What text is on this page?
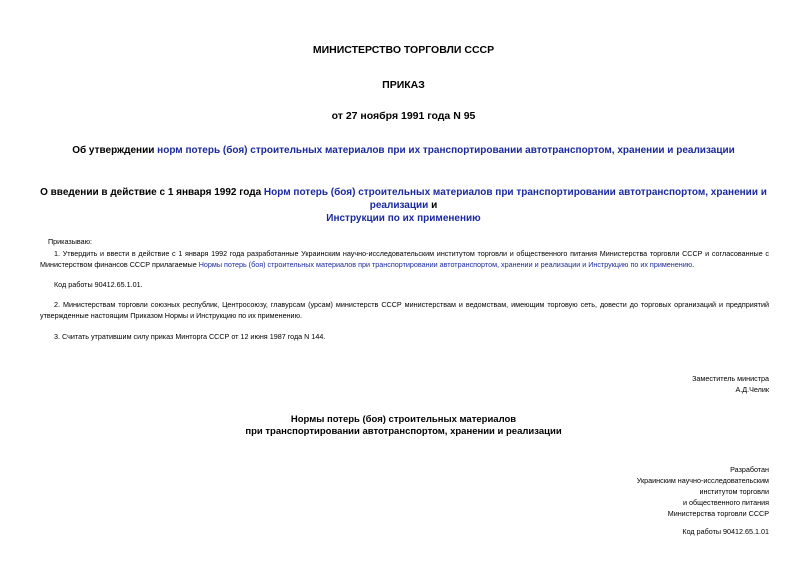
МИНИСТЕРСТВО ТОРГОВЛИ СССР
ПРИКАЗ
от 27 ноября 1991 года N 95
Об утверждении норм потерь (боя) строительных материалов при их транспортировании автотранспортом, хранении и реализации
О введении в действие с 1 января 1992 года Норм потерь (боя) строительных материалов при транспортировании автотранспортом, хранении и реализации и
Инструкции по их применению
Приказываю:
1. Утвердить и ввести в действие с 1 января 1992 года разработанные Украинским научно-исследовательским институтом торговли и общественного питания Министерства торговли СССР и согласованные с Министерством финансов СССР прилагаемые Нормы потерь (боя) строительных материалов при транспортировании автотранспортом, хранении и реализации и Инструкцию по их применению.
Код работы 90412.65.1.01.
2. Министерствам торговли союзных республик, Центросоюзу, главурсам (урсам) министерств СССР министерствам и ведомствам, имеющим торговую сеть, довести до торговых организаций и предприятий утвержденные настоящим Приказом Нормы и Инструкцию по их применению.
3. Считать утратившим силу приказ Минторга СССР от 12 июня 1987 года N 144.
Заместитель министра
А.Д.Челик
Нормы потерь (боя) строительных материалов
при транспортировании автотранспортом, хранении и реализации
Разработан
Украинским научно-исследовательским
институтом торговли
и общественного питания
Министерства торговли СССР
Код работы 90412.65.1.01
